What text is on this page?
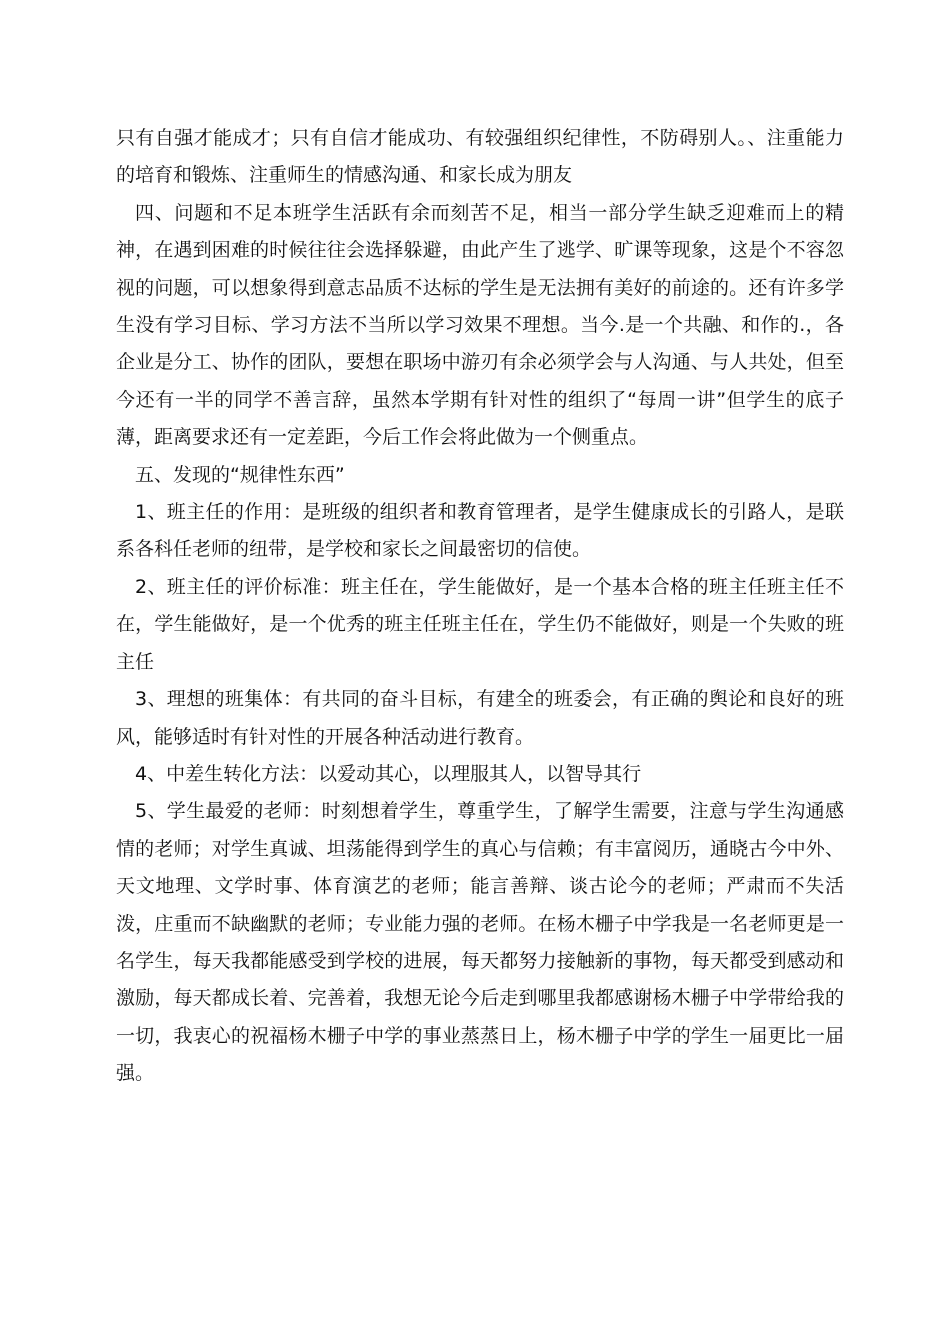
只有自强才能成才；只有自信才能成功、有较强组织纪律性，不防碍别人。、注重能力的培育和锻炼、注重师生的情感沟通、和家长成为朋友

四、问题和不足本班学生活跃有余而刻苦不足，相当一部分学生缺乏迎难而上的精神，在遇到困难的时候往往会选择躲避，由此产生了逃学、旷课等现象，这是个不容忽视的问题，可以想象得到意志品质不达标的学生是无法拥有美好的前途的。还有许多学生没有学习目标、学习方法不当所以学习效果不理想。当今.是一个共融、和作的.，各企业是分工、协作的团队，要想在职场中游刃有余必须学会与人沟通、与人共处，但至今还有一半的同学不善言辞，虽然本学期有针对性的组织了“每周一讲”但学生的底子薄，距离要求还有一定差距，今后工作会将此做为一个侧重点。

五、发现的“规律性东西”

1、班主任的作用：是班级的组织者和教育管理者，是学生健康成长的引路人，是联系各科任老师的纽带，是学校和家长之间最密切的信使。

2、班主任的评价标准：班主任在，学生能做好，是一个基本合格的班主任班主任不在，学生能做好，是一个优秀的班主任班主任在，学生仍不能做好，则是一个失败的班主任

3、理想的班集体：有共同的奋斗目标，有建全的班委会，有正确的舆论和良好的班风，能够适时有针对性的开展各种活动进行教育。

4、中差生转化方法：以爱动其心，以理服其人，以智导其行

5、学生最爱的老师：时刻想着学生，尊重学生，了解学生需要，注意与学生沟通感情的老师；对学生真诚、坦荡能得到学生的真心与信赖；有丰富阅历，通晓古今中外、天文地理、文学时事、体育演艺的老师；能言善辩、谈古论今的老师；严肃而不失活泼，庄重而不缺幽默的老师；专业能力强的老师。在杨木栅子中学我是一名老师更是一名学生，每天我都能感受到学校的进展，每天都努力接触新的事物，每天都受到感动和激励，每天都成长着、完善着，我想无论今后走到哪里我都感谢杨木栅子中学带给我的一切，我衷心的祝福杨木栅子中学的事业蒸蒸日上，杨木栅子中学的学生一届更比一届强。
